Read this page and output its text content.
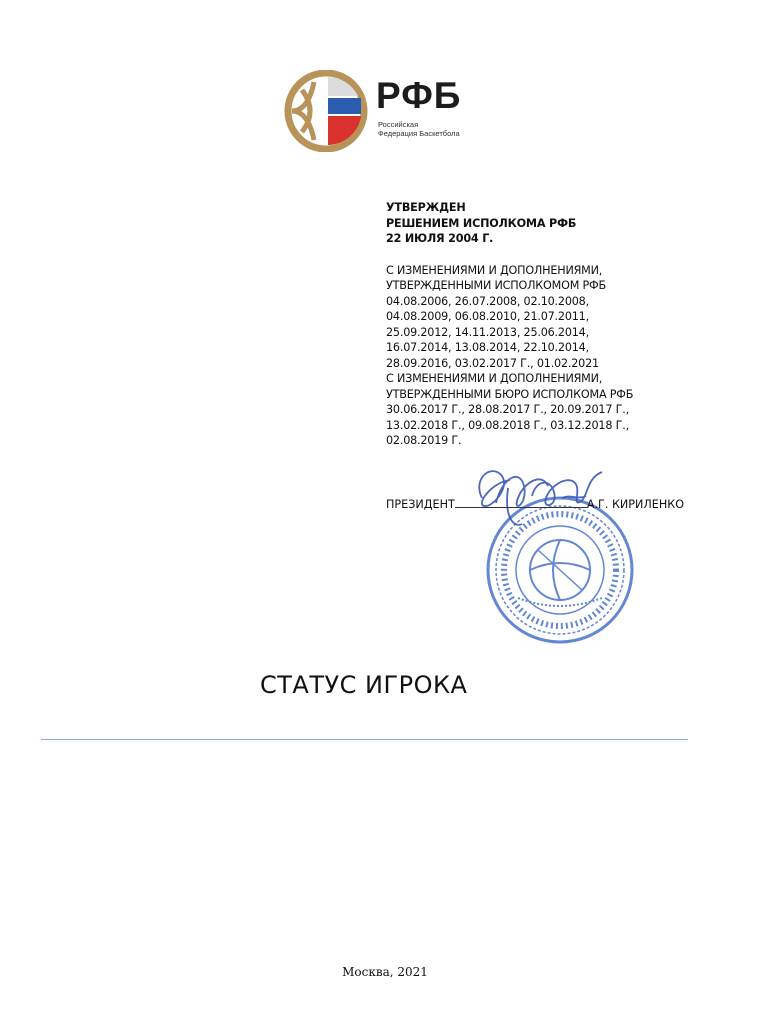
РФБ
Российская
Федерация Баскетбола
УТВЕРЖДЕН
РЕШЕНИЕМ ИСПОЛКОМА РФБ
22 ИЮЛЯ 2004 Г.
С ИЗМЕНЕНИЯМИ И ДОПОЛНЕНИЯМИ,
УТВЕРЖДЕННЫМИ ИСПОЛКОМОМ РФБ
04.08.2006, 26.07.2008, 02.10.2008,
04.08.2009, 06.08.2010, 21.07.2011,
25.09.2012, 14.11.2013, 25.06.2014,
16.07.2014, 13.08.2014, 22.10.2014,
28.09.2016, 03.02.2017 Г., 01.02.2021
С ИЗМЕНЕНИЯМИ И ДОПОЛНЕНИЯМИ,
УТВЕРЖДЕННЫМИ БЮРО ИСПОЛКОМА РФБ
30.06.2017 Г., 28.08.2017 Г., 20.09.2017 Г.,
13.02.2018 Г., 09.08.2018 Г., 03.12.2018 Г.,
02.08.2019 Г.
ПРЕЗИДЕНТ	А.Г. КИРИЛЕНКО
СТАТУС ИГРОКА
Москва, 2021
